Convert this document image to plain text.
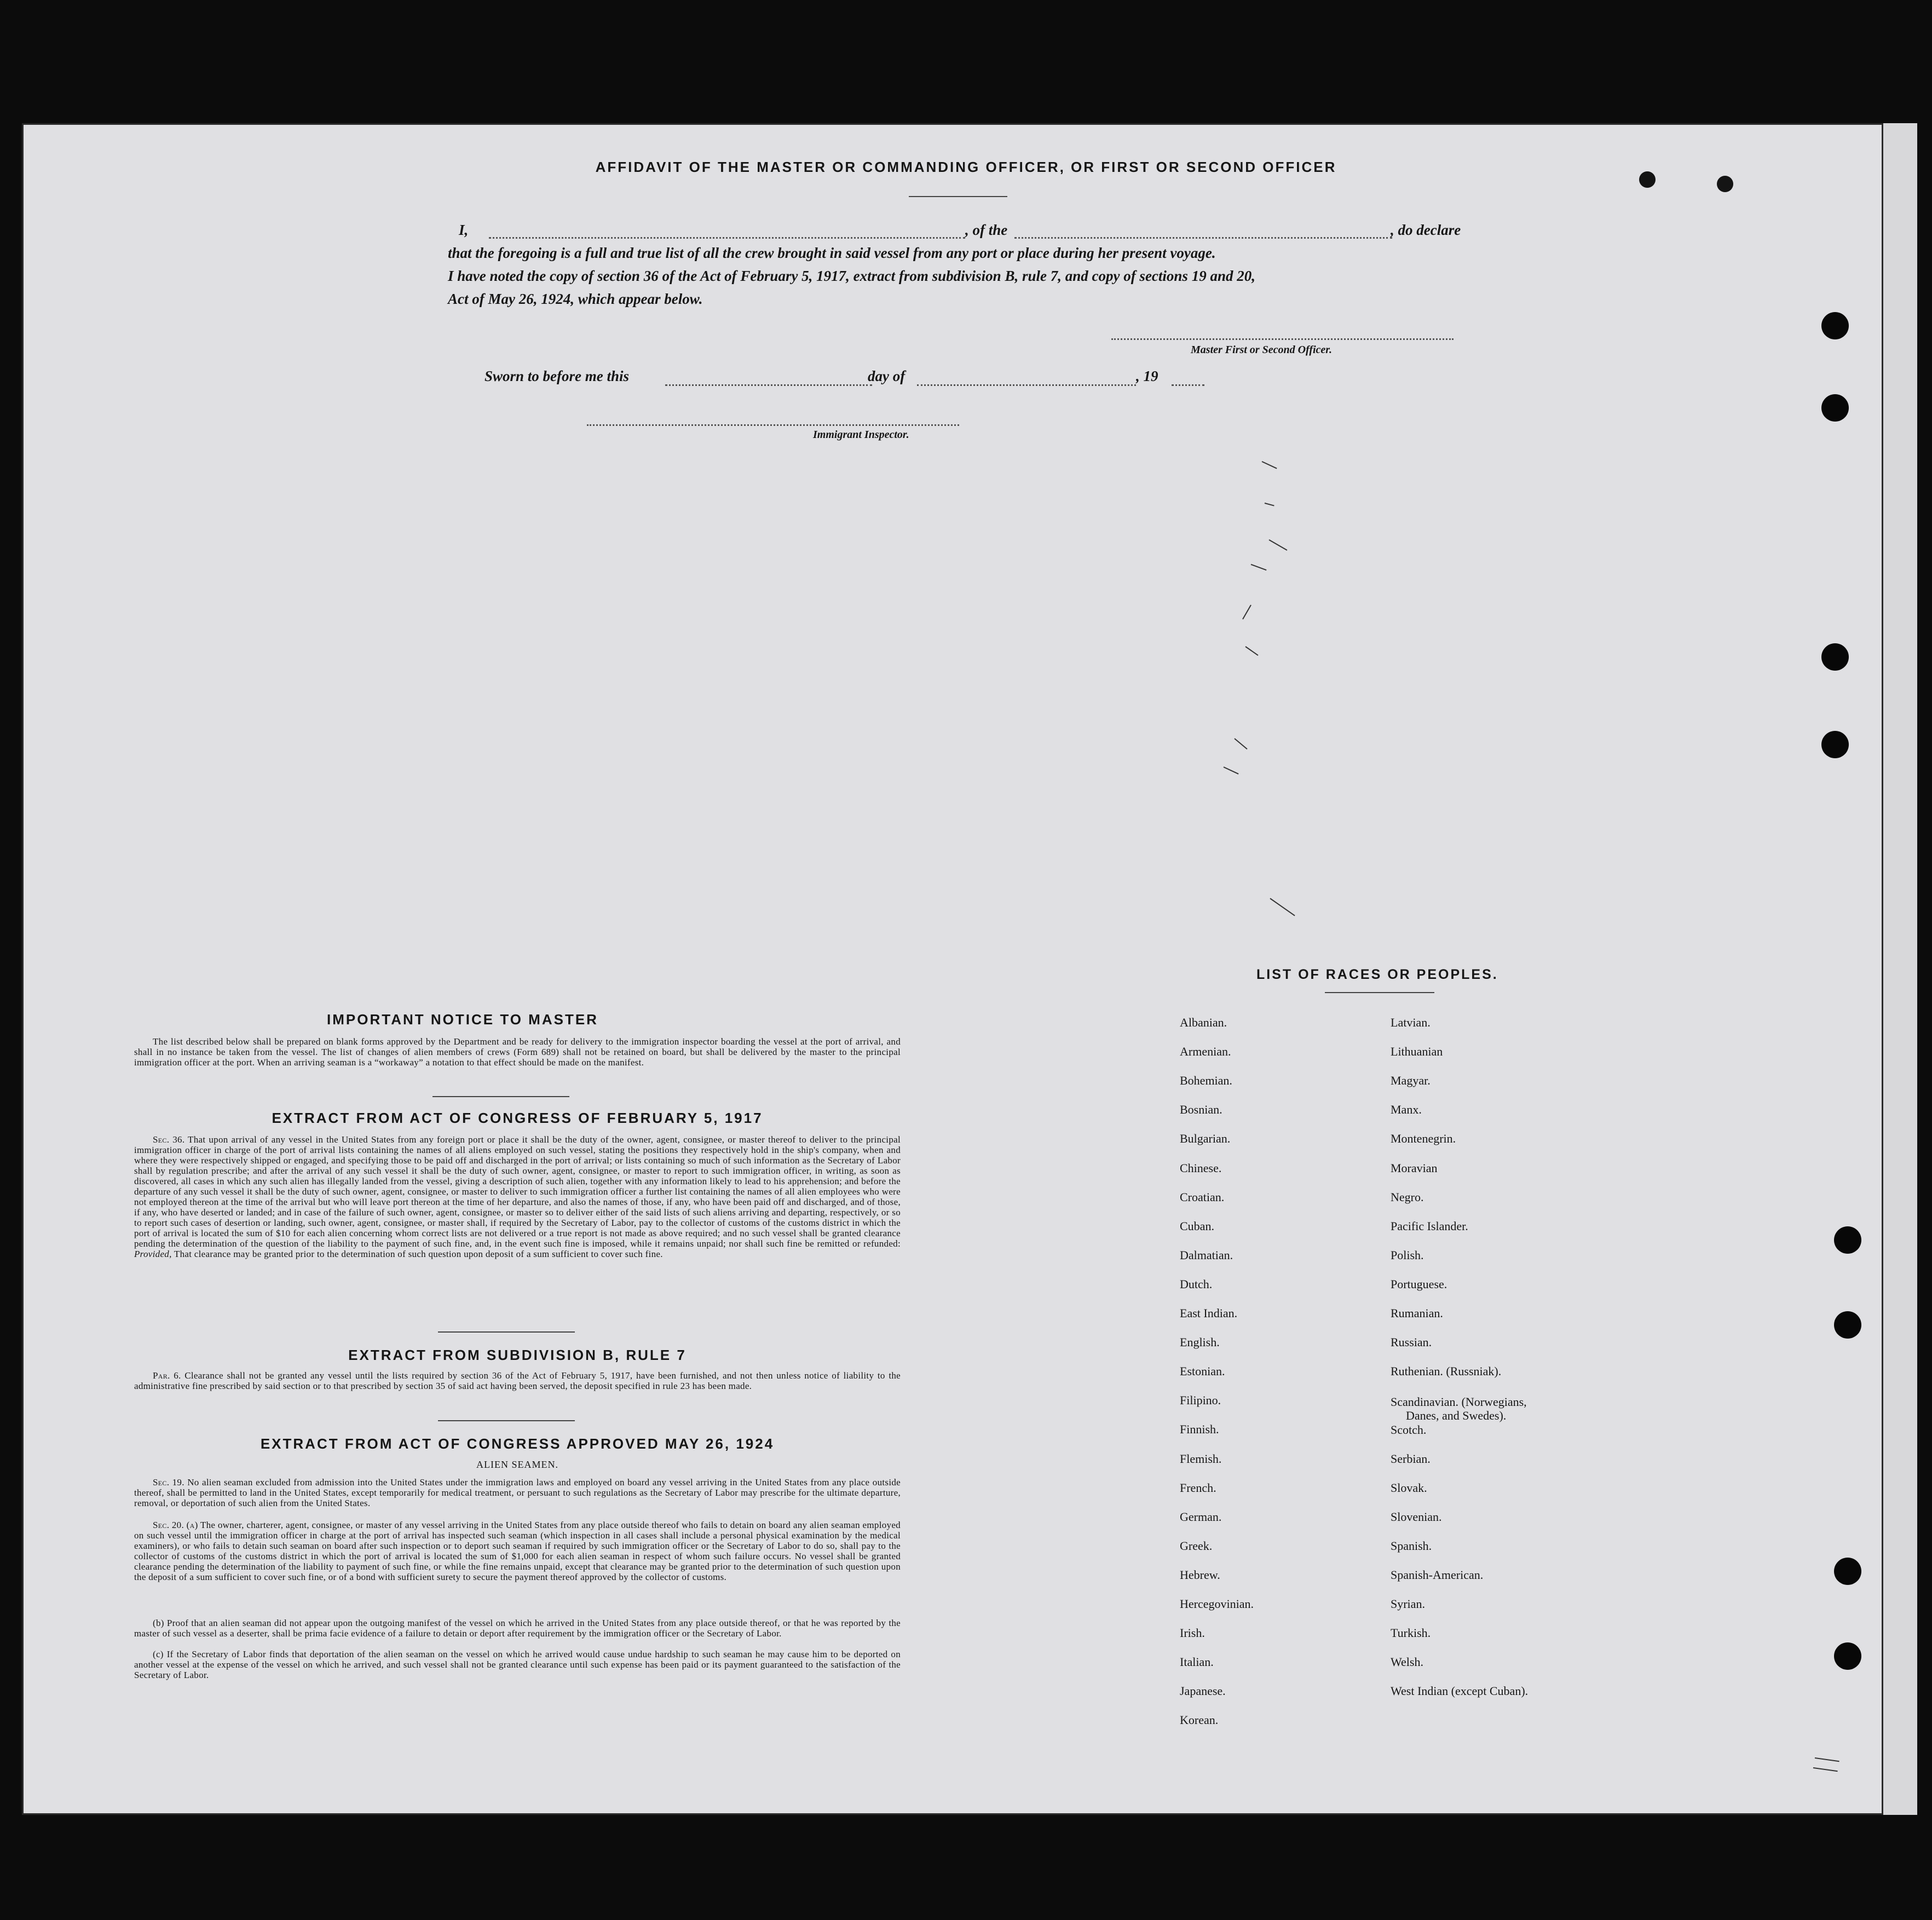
AFFIDAVIT OF THE MASTER OR COMMANDING OFFICER, OR FIRST OR SECOND OFFICER
I,	, of the	, do declare
that the foregoing is a full and true list of all the crew brought in said vessel from any port or place during her present voyage.
I have noted the copy of section 36 of the Act of February 5, 1917, extract from subdivision B, rule 7, and copy of sections 19 and 20,
Act of May 26, 1924, which appear below.
Master First or Second Officer.
Sworn to before me this	day of	, 19
Immigrant Inspector.
IMPORTANT NOTICE TO MASTER
The list described below shall be prepared on blank forms approved by the Department and be ready for delivery to the immigration inspector boarding the vessel at the port of arrival, and shall in no instance be taken from the vessel. The list of changes of alien members of crews (Form 689) shall not be retained on board, but shall be delivered by the master to the principal immigration officer at the port. When an arriving seaman is a “workaway” a notation to that effect should be made on the manifest.
EXTRACT FROM ACT OF CONGRESS OF FEBRUARY 5, 1917
Sec. 36. That upon arrival of any vessel in the United States from any foreign port or place it shall be the duty of the owner, agent, consignee, or master thereof to deliver to the principal immigration officer in charge of the port of arrival lists containing the names of all aliens employed on such vessel, stating the positions they respectively hold in the ship's company, when and where they were respectively shipped or engaged, and specifying those to be paid off and discharged in the port of arrival; or lists containing so much of such information as the Secretary of Labor shall by regulation prescribe; and after the arrival of any such vessel it shall be the duty of such owner, agent, consignee, or master to report to such immigration officer, in writing, as soon as discovered, all cases in which any such alien has illegally landed from the vessel, giving a description of such alien, together with any information likely to lead to his apprehension; and before the departure of any such vessel it shall be the duty of such owner, agent, consignee, or master to deliver to such immigration officer a further list containing the names of all alien employees who were not employed thereon at the time of the arrival but who will leave port thereon at the time of her departure, and also the names of those, if any, who have been paid off and discharged, and of those, if any, who have deserted or landed; and in case of the failure of such owner, agent, consignee, or master so to deliver either of the said lists of such aliens arriving and departing, respectively, or so to report such cases of desertion or landing, such owner, agent, consignee, or master shall, if required by the Secretary of Labor, pay to the collector of customs of the customs district in which the port of arrival is located the sum of $10 for each alien concerning whom correct lists are not delivered or a true report is not made as above required; and no such vessel shall be granted clearance pending the determination of the question of the liability to the payment of such fine, and, in the event such fine is imposed, while it remains unpaid; nor shall such fine be remitted or refunded: Provided, That clearance may be granted prior to the determination of such question upon deposit of a sum sufficient to cover such fine.
EXTRACT FROM SUBDIVISION B, RULE 7
Par. 6. Clearance shall not be granted any vessel until the lists required by section 36 of the Act of February 5, 1917, have been furnished, and not then unless notice of liability to the administrative fine prescribed by said section or to that prescribed by section 35 of said act having been served, the deposit specified in rule 23 has been made.
EXTRACT FROM ACT OF CONGRESS APPROVED MAY 26, 1924
ALIEN SEAMEN.
Sec. 19. No alien seaman excluded from admission into the United States under the immigration laws and employed on board any vessel arriving in the United States from any place outside thereof, shall be permitted to land in the United States, except temporarily for medical treatment, or persuant to such regulations as the Secretary of Labor may prescribe for the ultimate departure, removal, or deportation of such alien from the United States.
Sec. 20. (a) The owner, charterer, agent, consignee, or master of any vessel arriving in the United States from any place outside thereof who fails to detain on board any alien seaman employed on such vessel until the immigration officer in charge at the port of arrival has inspected such seaman (which inspection in all cases shall include a personal physical examination by the medical examiners), or who fails to detain such seaman on board after such inspection or to deport such seaman if required by such immigration officer or the Secretary of Labor to do so, shall pay to the collector of customs of the customs district in which the port of arrival is located the sum of $1,000 for each alien seaman in respect of whom such failure occurs. No vessel shall be granted clearance pending the determination of the liability to payment of such fine, or while the fine remains unpaid, except that clearance may be granted prior to the determination of such question upon the deposit of a sum sufficient to cover such fine, or of a bond with sufficient surety to secure the payment thereof approved by the collector of customs.
(b) Proof that an alien seaman did not appear upon the outgoing manifest of the vessel on which he arrived in the United States from any place outside thereof, or that he was reported by the master of such vessel as a deserter, shall be prima facie evidence of a failure to detain or deport after requirement by the immigration officer or the Secretary of Labor.
(c) If the Secretary of Labor finds that deportation of the alien seaman on the vessel on which he arrived would cause undue hardship to such seaman he may cause him to be deported on another vessel at the expense of the vessel on which he arrived, and such vessel shall not be granted clearance until such expense has been paid or its payment guaranteed to the satisfaction of the Secretary of Labor.
LIST OF RACES OR PEOPLES.
Albanian.
Armenian.
Bohemian.
Bosnian.
Bulgarian.
Chinese.
Croatian.
Cuban.
Dalmatian.
Dutch.
East Indian.
English.
Estonian.
Filipino.
Finnish.
Flemish.
French.
German.
Greek.
Hebrew.
Hercegovinian.
Irish.
Italian.
Japanese.
Korean.
Latvian.
Lithuanian
Magyar.
Manx.
Montenegrin.
Moravian
Negro.
Pacific Islander.
Polish.
Portuguese.
Rumanian.
Russian.
Ruthenian. (Russniak).
Scandinavian. (Norwegians,
Danes, and Swedes).
Scotch.
Serbian.
Slovak.
Slovenian.
Spanish.
Spanish-American.
Syrian.
Turkish.
Welsh.
West Indian (except Cuban).
